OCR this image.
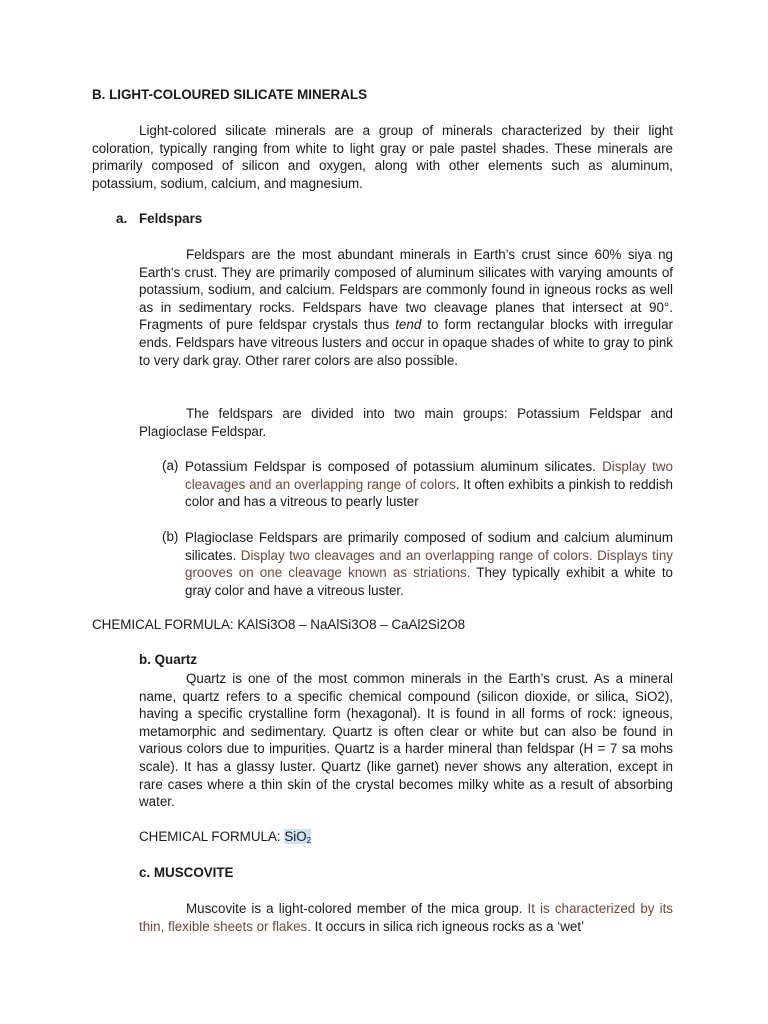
B. LIGHT-COLOURED SILICATE MINERALS

Light-colored silicate minerals are a group of minerals characterized by their light coloration, typically ranging from white to light gray or pale pastel shades. These minerals are primarily composed of silicon and oxygen, along with other elements such as aluminum, potassium, sodium, calcium, and magnesium.

a. Feldspars

Feldspars are the most abundant minerals in Earth’s crust since 60% siya ng Earth's crust. They are primarily composed of aluminum silicates with varying amounts of potassium, sodium, and calcium. Feldspars are commonly found in igneous rocks as well as in sedimentary rocks. Feldspars have two cleavage planes that intersect at 90°. Fragments of pure feldspar crystals thus tend to form rectangular blocks with irregular ends. Feldspars have vitreous lusters and occur in opaque shades of white to gray to pink to very dark gray. Other rarer colors are also possible.

The feldspars are divided into two main groups: Potassium Feldspar and Plagioclase Feldspar.

(a) Potassium Feldspar is composed of potassium aluminum silicates. Display two cleavages and an overlapping range of colors. It often exhibits a pinkish to reddish color and has a vitreous to pearly luster

(b) Plagioclase Feldspars are primarily composed of sodium and calcium aluminum silicates. Display two cleavages and an overlapping range of colors. Displays tiny grooves on one cleavage known as striations. They typically exhibit a white to gray color and have a vitreous luster.

CHEMICAL FORMULA: KAlSi3O8 – NaAlSi3O8 – CaAl2Si2O8
b. Quartz

Quartz is one of the most common minerals in the Earth’s crust. As a mineral name, quartz refers to a specific chemical compound (silicon dioxide, or silica, SiO2), having a specific crystalline form (hexagonal). It is found in all forms of rock: igneous, metamorphic and sedimentary. Quartz is often clear or white but can also be found in various colors due to impurities. Quartz is a harder mineral than feldspar (H = 7 sa mohs scale). It has a glassy luster. Quartz (like garnet) never shows any alteration, except in rare cases where a thin skin of the crystal becomes milky white as a result of absorbing water.

CHEMICAL FORMULA: SiO$_2$
c. MUSCOVITE

Muscovite is a light-colored member of the mica group. It is characterized by its thin, flexible sheets or flakes. It occurs in silica rich igneous rocks as a ‘wet’
